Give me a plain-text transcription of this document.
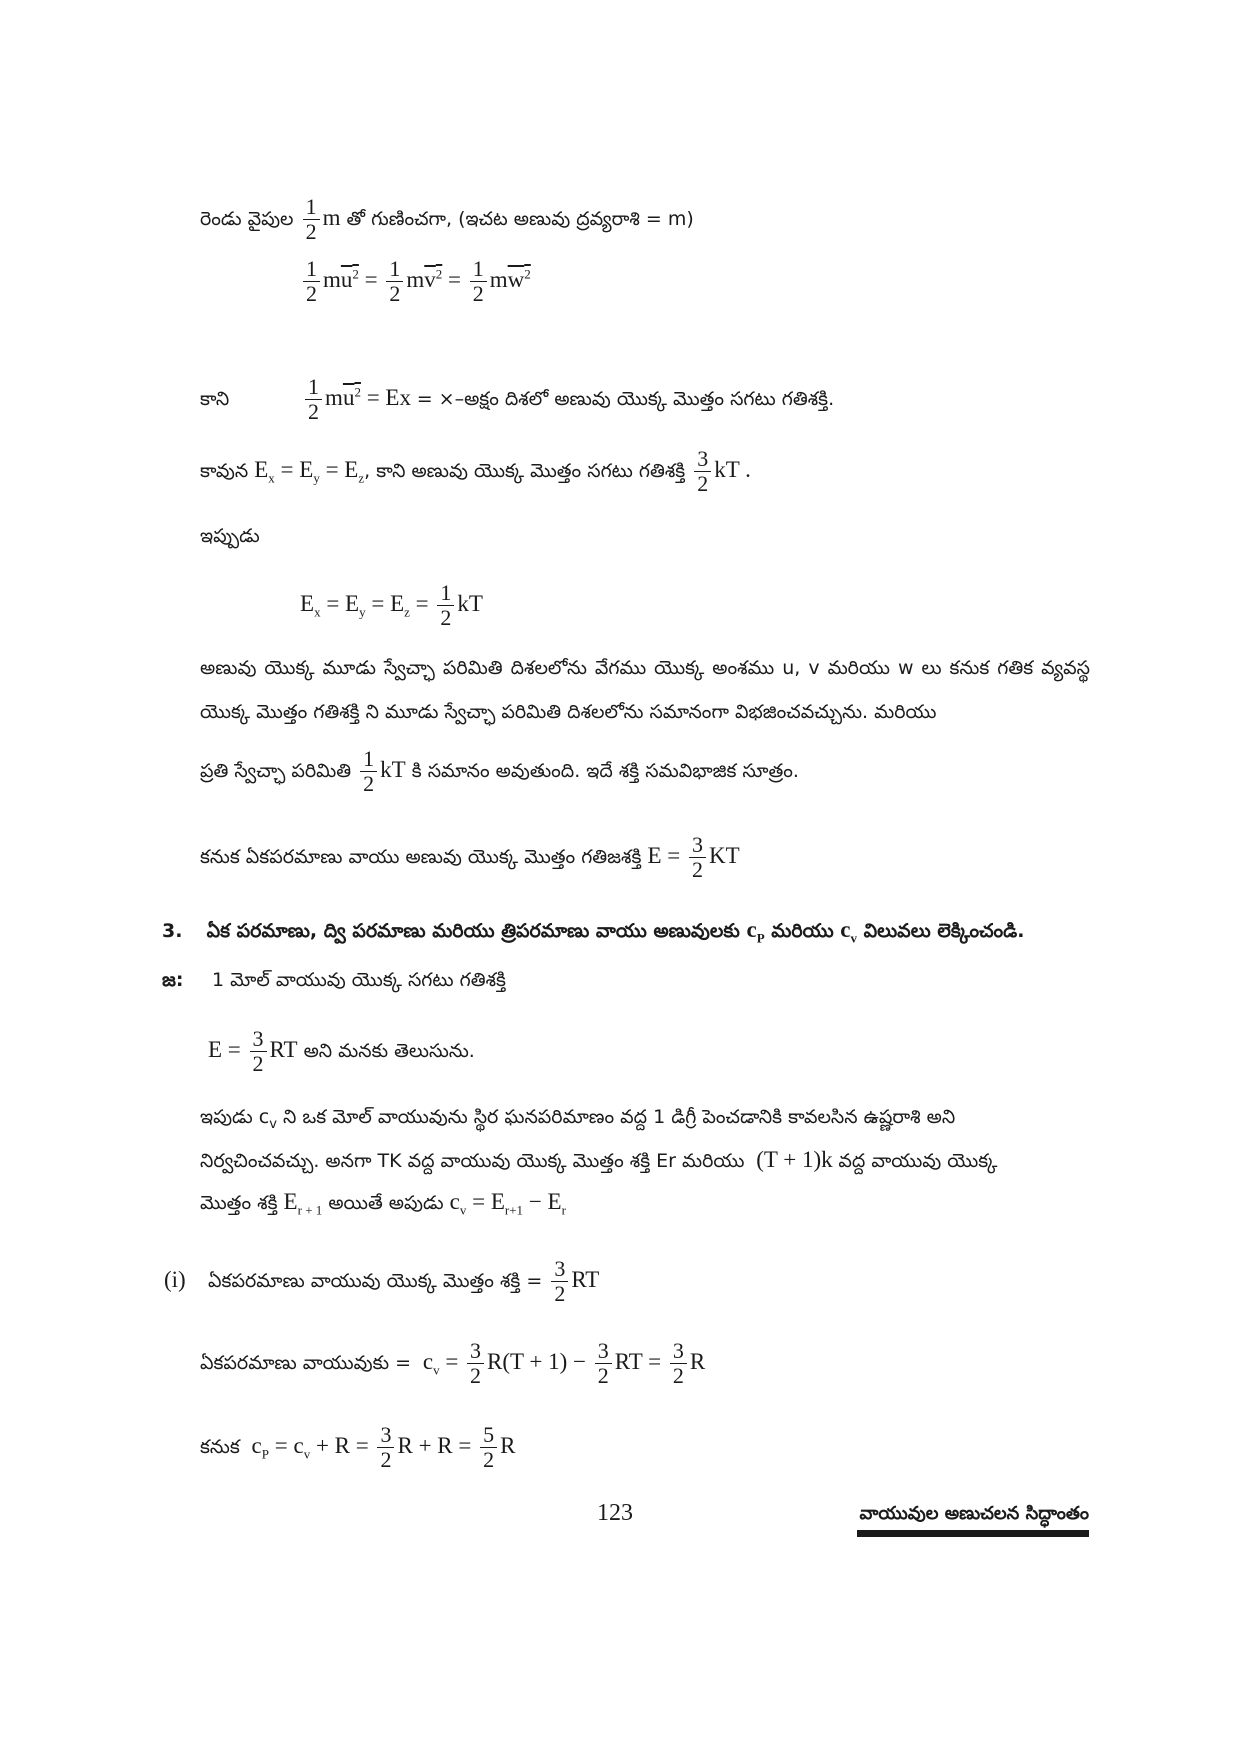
రెండు వైపుల $\frac{1}{2}$ m తో గుణించగా, (ఇచట అణువు ద్రవ్యరాశి = m)
$\frac{1}{2} mu^2 = \frac{1}{2} mv^2 = \frac{1}{2} mw^2$
కాని	$\frac{1}{2} mu^2 = Ex$ = ×–అక్షం దిశలో అణువు యొక్క మొత్తం సగటు గతిశక్తి.
కావున $E_x = E_y = E_z$, కాని అణువు యొక్క మొత్తం సగటు గతిశక్తి $\frac{3}{2}$ kT .
ఇప్పుడు
$E_x = E_y = E_z = \frac{1}{2}$ kT
అణువు యొక్క మూడు స్వేచ్ఛా పరిమితి దిశలలోను వేగము యొక్క అంశము u, v మరియు w లు కనుక గతిక వ్యవస్థ యొక్క మొత్తం గతిశక్తి ని మూడు స్వేచ్ఛా పరిమితి దిశలలోను సమానంగా విభజించవచ్చును. మరియు
ప్రతి స్వేచ్ఛా పరిమితి $\frac{1}{2}$ kT కి సమానం అవుతుంది. ఇదే శక్తి సమవిభాజిక సూత్రం.
కనుక ఏకపరమాణు వాయు అణువు యొక్క మొత్తం గతిజశక్తి $E = \frac{3}{2}$ KT
3. ఏక పరమాణు, ద్వి పరమాణు మరియు త్రిపరమాణు వాయు అణువులకు $c_P$ మరియు $c_v$ విలువలు లెక్కించండి.
జ: 1 మోల్ వాయువు యొక్క సగటు గతిశక్తి
$E = \frac{3}{2}$ RT అని మనకు తెలుసును.
ఇపుడు $c_v$ ని ఒక మోల్ వాయువును స్థిర ఘనపరిమాణం వద్ద 1 డిగ్రీ పెంచడానికి కావలసిన ఉష్ణరాశి అని
నిర్వచించవచ్చు. అనగా TK వద్ద వాయువు యొక్క మొత్తం శక్తి Er మరియు  (T + 1)k వద్ద వాయువు యొక్క
మొత్తం శక్తి $E_{r + 1}$ అయితే అపుడు $c_v = E_{r+1} - E_r$
(i) ఏకపరమాణు వాయువు యొక్క మొత్తం శక్తి = $\frac{3}{2}$ RT
ఏకపరమాణు వాయువుకు =  $c_v = \frac{3}{2} R(T + 1) - \frac{3}{2}$ RT = $\frac{3}{2}$ R
కనుక  $c_P = c_v + R = \frac{3}{2}$ $R + R = \frac{5}{2}$ R
123	వాయువుల అణుచలన సిద్ధాంతం
